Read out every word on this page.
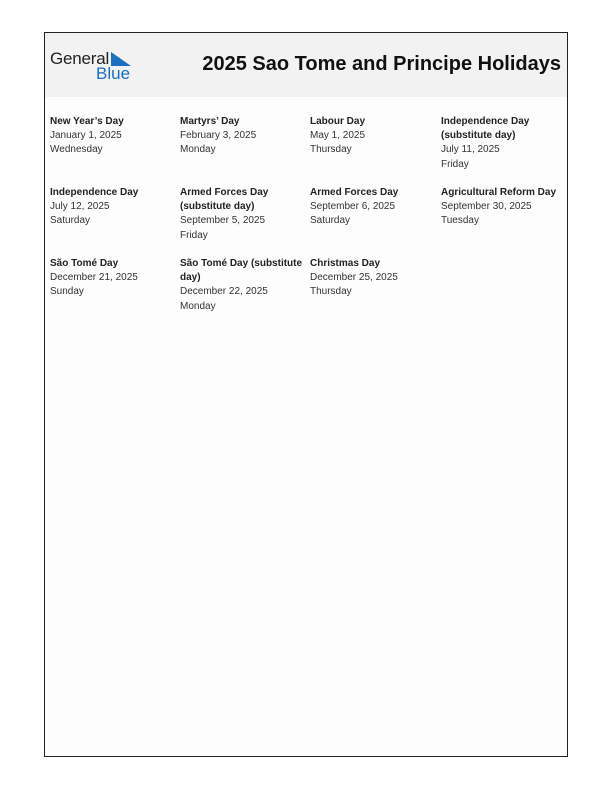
General
Blue	2025 Sao Tome and Principe Holidays
New Year’s Day
January 1, 2025
Wednesday
Martyrs’ Day
February 3, 2025
Monday
Labour Day
May 1, 2025
Thursday
Independence Day (substitute day)
July 11, 2025
Friday
Independence Day
July 12, 2025
Saturday
Armed Forces Day (substitute day)
September 5, 2025
Friday
Armed Forces Day
September 6, 2025
Saturday
Agricultural Reform Day
September 30, 2025
Tuesday
São Tomé Day
December 21, 2025
Sunday
São Tomé Day (substitute day)
December 22, 2025
Monday
Christmas Day
December 25, 2025
Thursday
